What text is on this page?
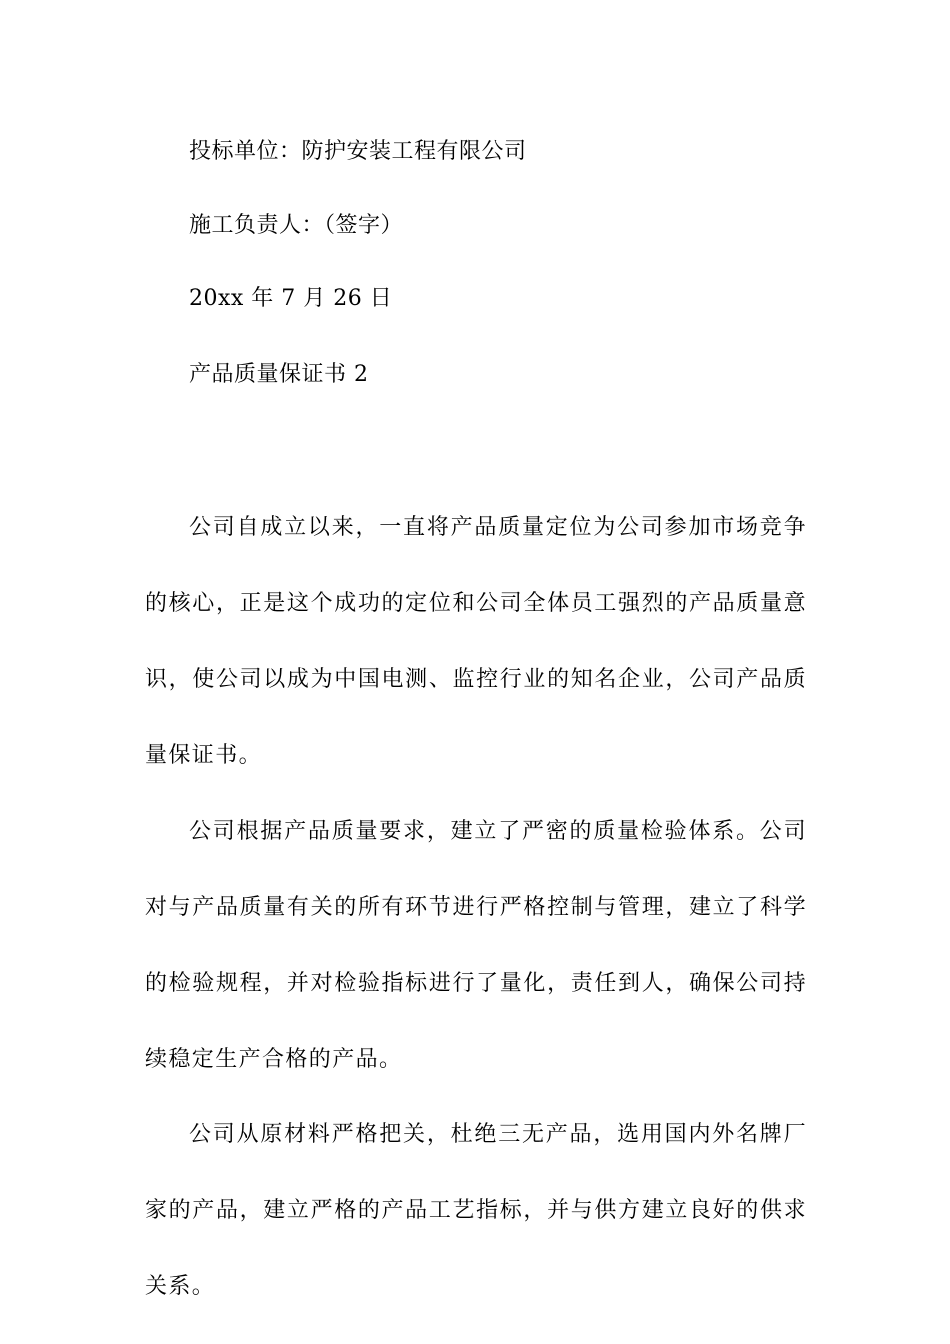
投标单位：防护安装工程有限公司
施工负责人：（签字）
20xx 年 7 月 26 日
产品质量保证书 2

公司自成立以来，一直将产品质量定位为公司参加市场竞争的核心，正是这个成功的定位和公司全体员工强烈的产品质量意识，使公司以成为中国电测、监控行业的知名企业，公司产品质量保证书。

公司根据产品质量要求，建立了严密的质量检验体系。公司对与产品质量有关的所有环节进行严格控制与管理，建立了科学的检验规程，并对检验指标进行了量化，责任到人，确保公司持续稳定生产合格的产品。

公司从原材料严格把关，杜绝三无产品，选用国内外名牌厂家的产品，建立严格的产品工艺指标，并与供方建立良好的供求关系。
